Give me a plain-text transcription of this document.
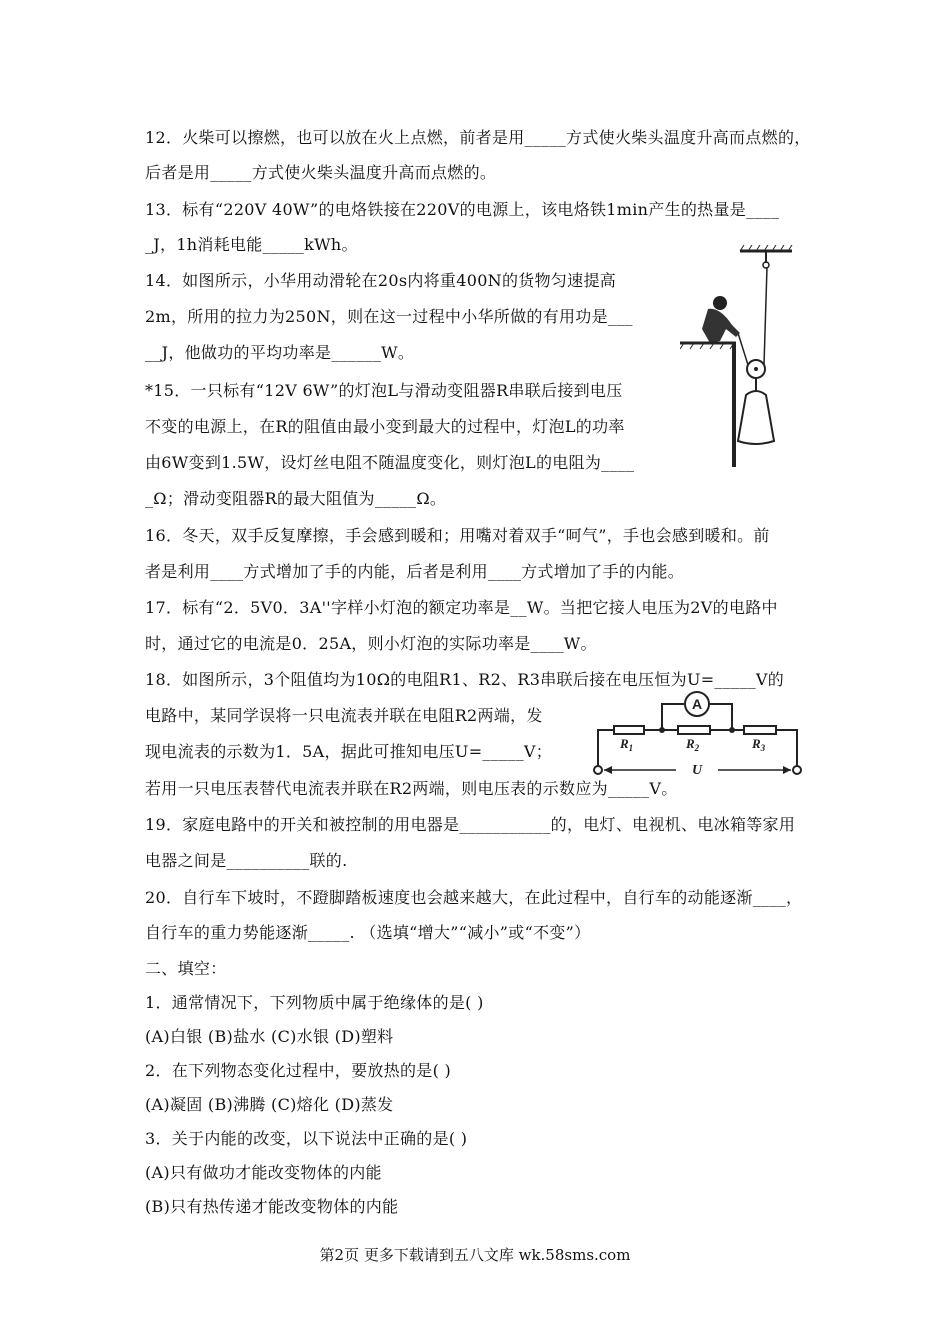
12．火柴可以擦燃，也可以放在火上点燃，前者是用_____方式使火柴头温度升高而点燃的，
后者是用_____方式使火柴头温度升高而点燃的。
13．标有“220V 40W”的电烙铁接在220V的电源上，该电烙铁1min产生的热量是____
_J，1h消耗电能_____kWh。
14．如图所示，小华用动滑轮在20s内将重400N的货物匀速提高
2m，所用的拉力为250N，则在这一过程中小华所做的有用功是___
__J，他做功的平均功率是______W。
*15．一只标有“12V 6W”的灯泡L与滑动变阻器R串联后接到电压
不变的电源上，在R的阻值由最小变到最大的过程中，灯泡L的功率
由6W变到1.5W，设灯丝电阻不随温度变化，则灯泡L的电阻为____
_Ω；滑动变阻器R的最大阻值为_____Ω。
16．冬天，双手反复摩擦，手会感到暖和；用嘴对着双手“呵气”，手也会感到暖和。前
者是利用____方式增加了手的内能，后者是利用____方式增加了手的内能。
17．标有“2．5V0．3A''字样小灯泡的额定功率是__W。当把它接人电压为2V的电路中
时，通过它的电流是0．25A，则小灯泡的实际功率是____W。
18．如图所示，3个阻值均为10Ω的电阻R1、R2、R3串联后接在电压恒为U=_____V的
电路中，某同学误将一只电流表并联在电阻R2两端，发
现电流表的示数为1．5A，据此可推知电压U=_____V；
若用一只电压表替代电流表并联在R2两端，则电压表的示数应为_____V。
19．家庭电路中的开关和被控制的用电器是___________的，电灯、电视机、电冰箱等家用
电器之间是__________联的.
20．自行车下坡时，不蹬脚踏板速度也会越来越大，在此过程中，自行车的动能逐渐____，
自行车的重力势能逐渐_____. （选填“增大”“减小”或“不变”）
二、填空：
1．通常情况下，下列物质中属于绝缘体的是( )
(A)白银 (B)盐水 (C)水银 (D)塑料
2．在下列物态变化过程中，要放热的是( )
(A)凝固 (B)沸腾 (C)熔化 (D)蒸发
3．关于内能的改变，以下说法中正确的是( )
(A)只有做功才能改变物体的内能
(B)只有热传递才能改变物体的内能
A
$R_1$	$R_2$	$R_3$
U
第2页 更多下载请到五八文库 wk.58sms.com
